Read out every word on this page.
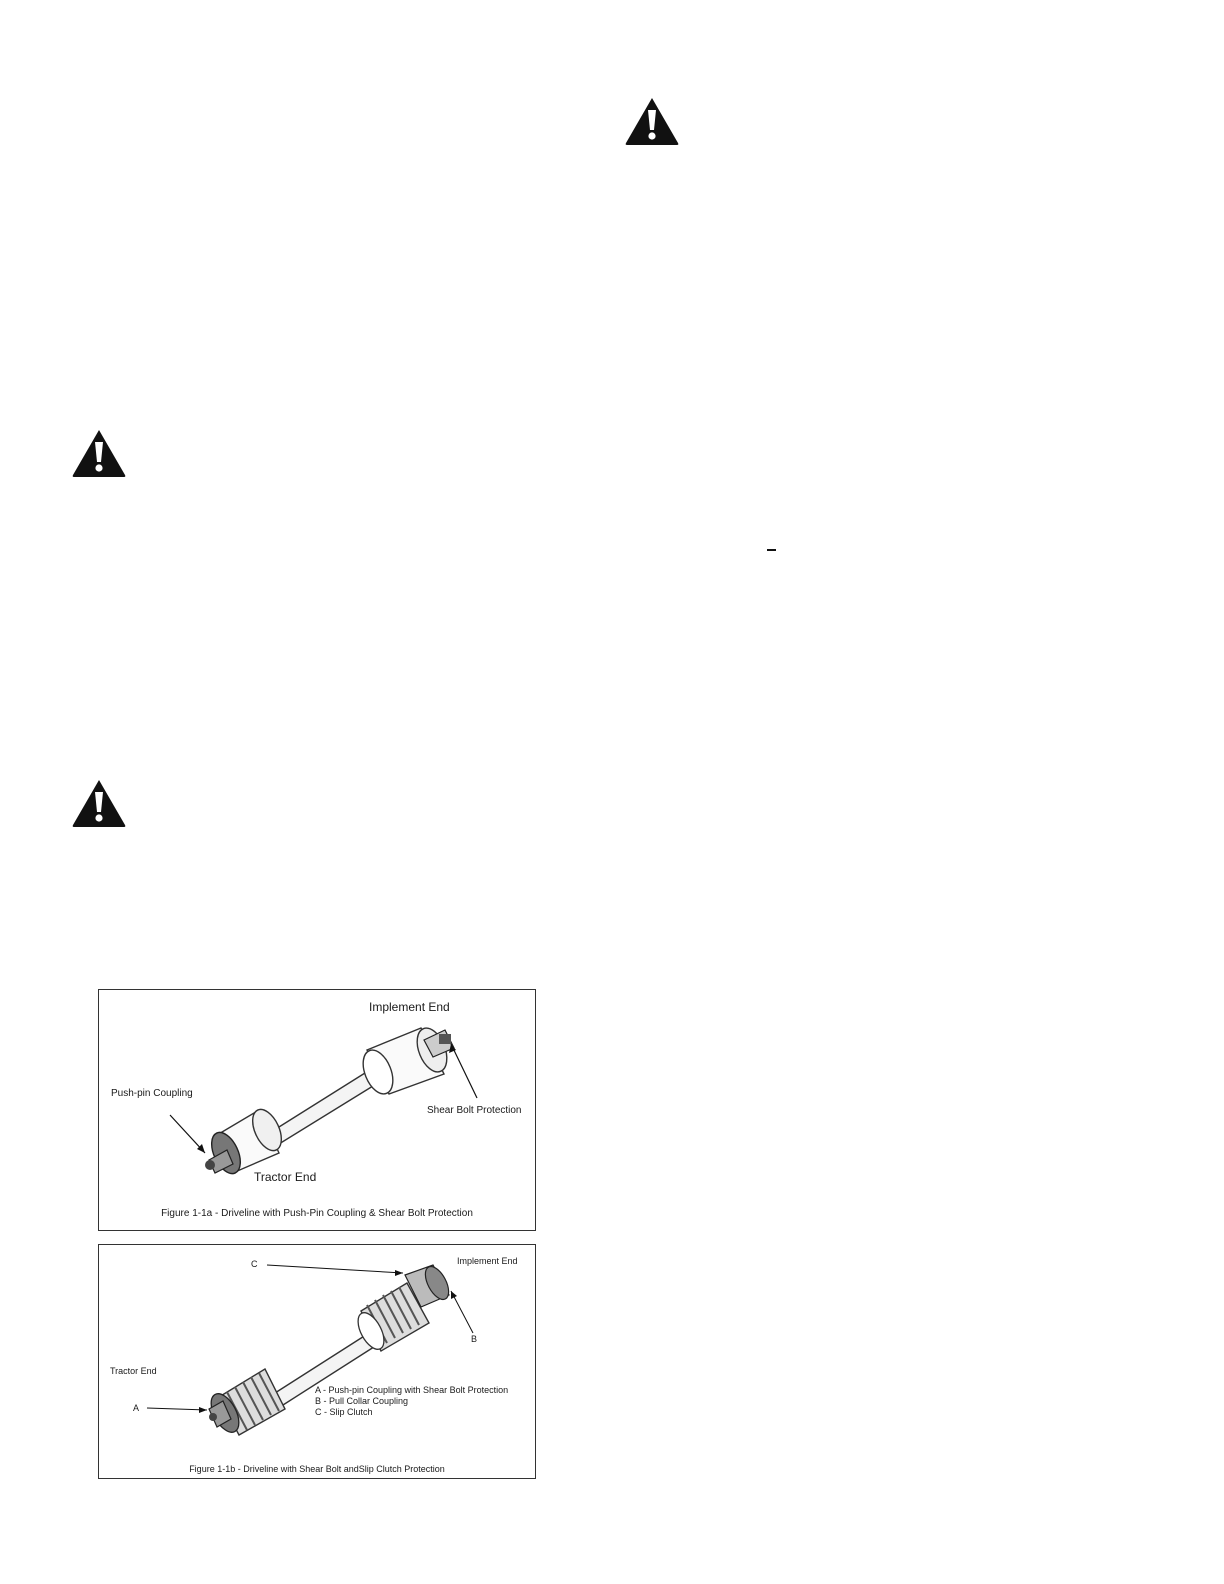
Implement End
Push-pin Coupling
Shear Bolt Protection
Tractor End
Figure 1-1a - Driveline with Push-Pin Coupling & Shear Bolt Protection
C	Implement End
B
Tractor End
A
A - Push-pin Coupling with Shear Bolt Protection
B - Pull Collar Coupling
C - Slip Clutch
Figure 1-1b - Driveline with Shear Bolt andSlip Clutch Protection
